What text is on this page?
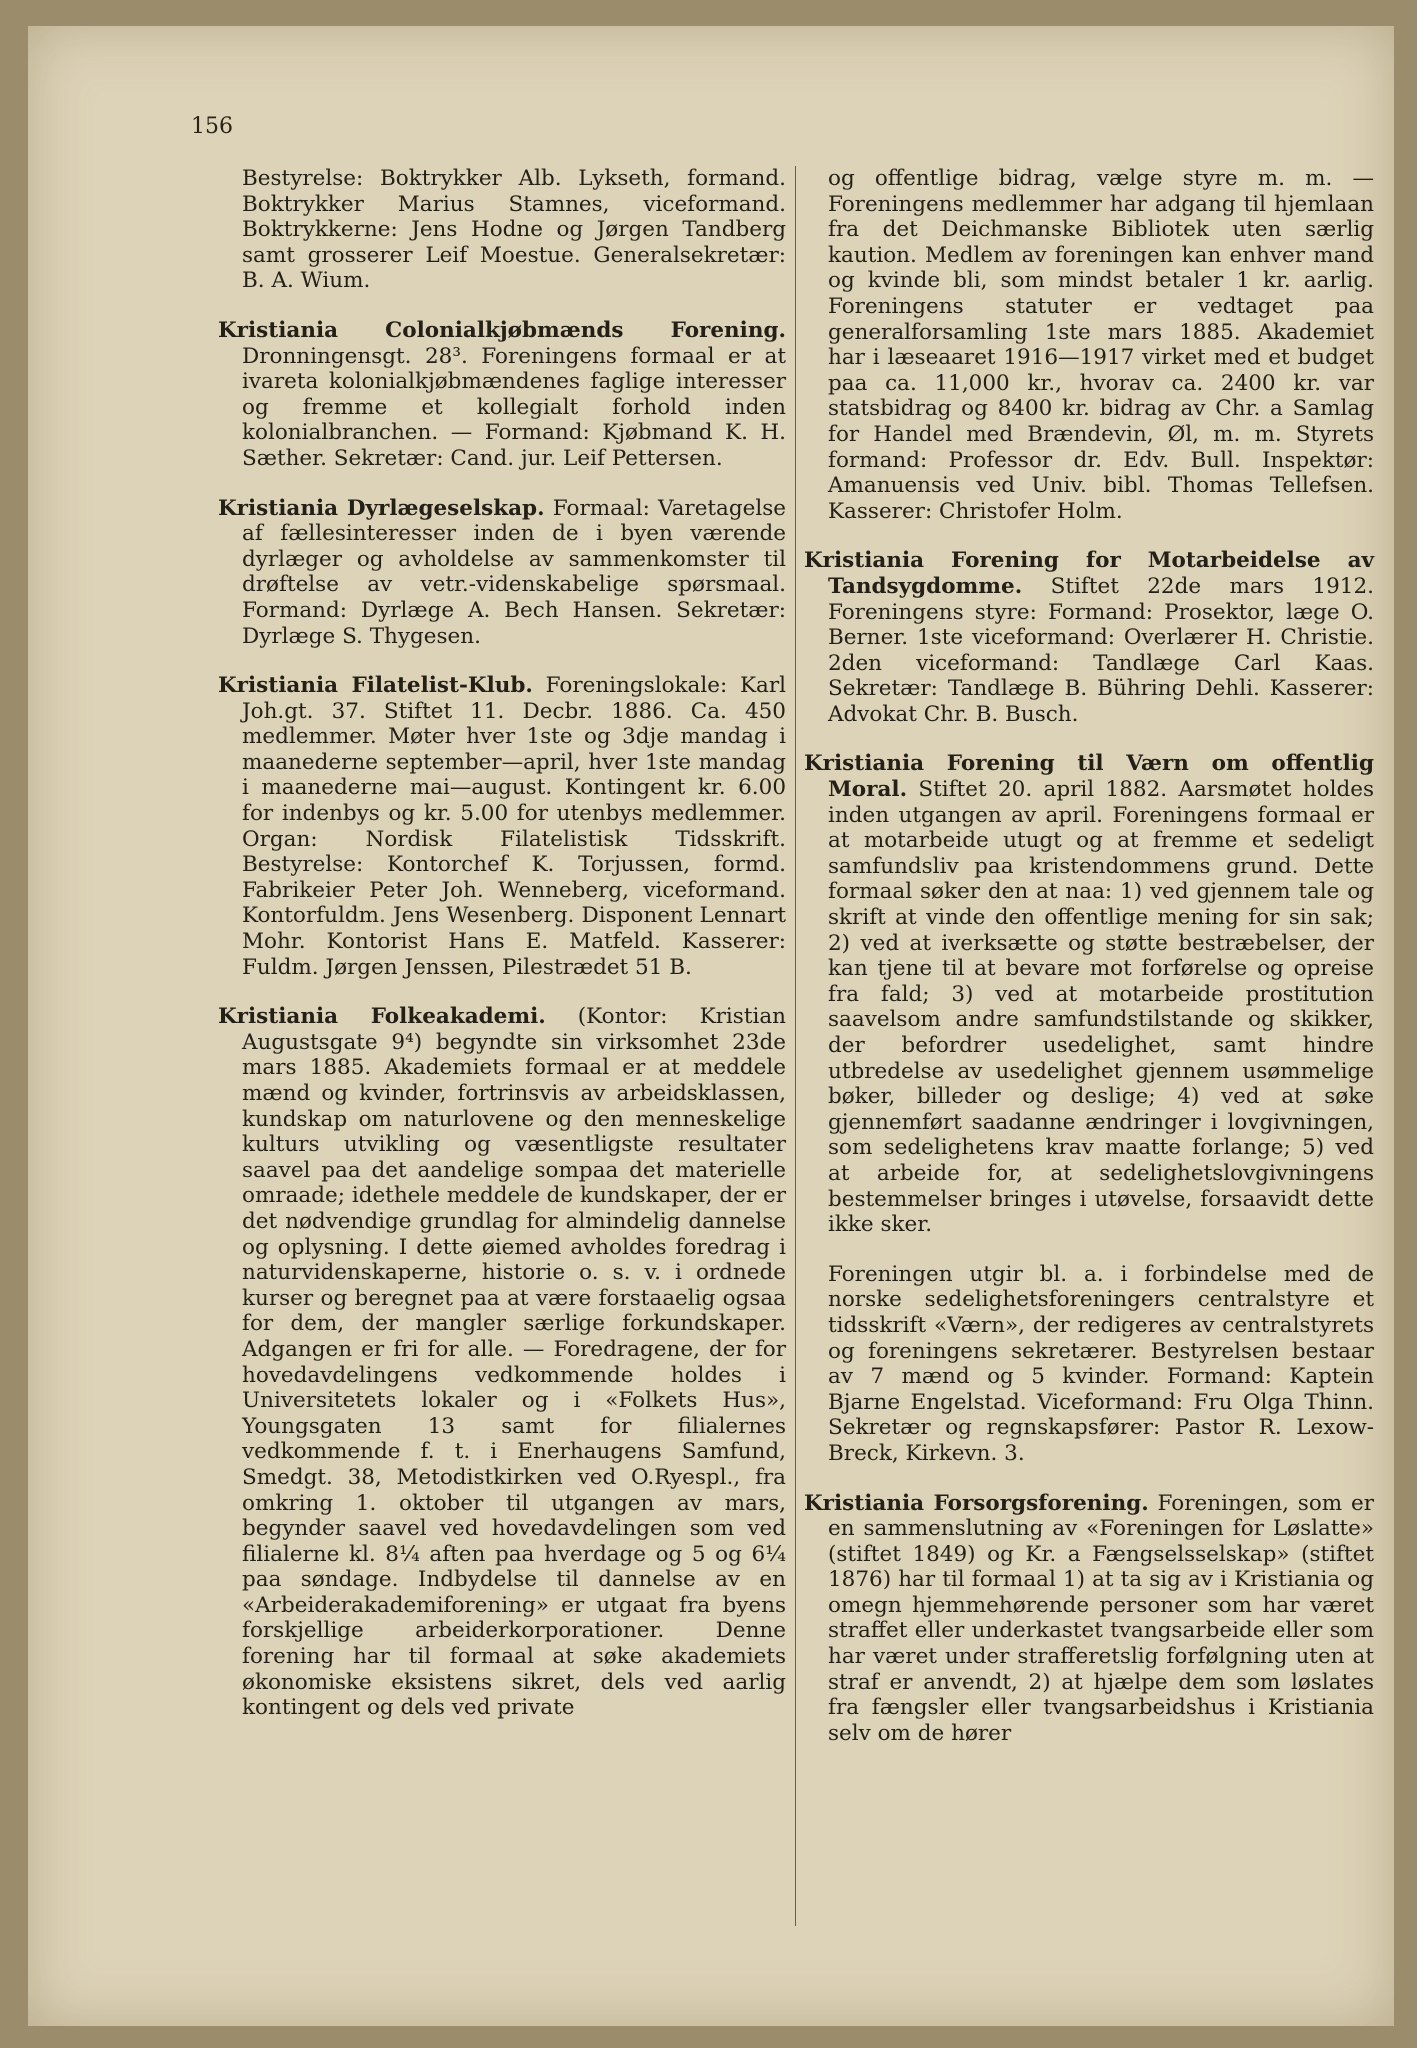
156

Bestyrelse: Boktrykker Alb. Lykseth, formand. Boktrykker Marius Stamnes, viceformand. Boktrykkerne: Jens Hodne og Jørgen Tandberg samt grosserer Leif Moestue. Generalsekretær: B. A. Wium.

Kristiania Colonialkjøbmænds Forening. Dronningensgt. 28³. Foreningens formaal er at ivareta kolonialkjøbmændenes faglige interesser og fremme et kollegialt forhold inden kolonialbranchen. — Formand: Kjøbmand K. H. Sæther. Sekretær: Cand. jur. Leif Pettersen.

Kristiania Dyrlægeselskap. Formaal: Varetagelse af fællesinteresser inden de i byen værende dyrlæger og avholdelse av sammenkomster til drøftelse av vetr.-videnskabelige spørsmaal. Formand: Dyrlæge A. Bech Hansen. Sekretær: Dyrlæge S. Thygesen.

Kristiania Filatelist-Klub. Foreningslokale: Karl Joh.gt. 37. Stiftet 11. Decbr. 1886. Ca. 450 medlemmer. Møter hver 1ste og 3dje mandag i maanederne september—april, hver 1ste mandag i maanederne mai—august. Kontingent kr. 6.00 for indenbys og kr. 5.00 for utenbys medlemmer. Organ: Nordisk Filatelistisk Tidsskrift. Bestyrelse: Kontorchef K. Torjussen, formd. Fabrikeier Peter Joh. Wenneberg, viceformand. Kontorfuldm. Jens Wesenberg. Disponent Lennart Mohr. Kontorist Hans E. Matfeld. Kasserer: Fuldm. Jørgen Jenssen, Pilestrædet 51 B.

Kristiania Folkeakademi. (Kontor: Kristian Augustsgate 9⁴) begyndte sin virksomhet 23de mars 1885. Akademiets formaal er at meddele mænd og kvinder, fortrinsvis av arbeidsklassen, kundskap om naturlovene og den menneskelige kulturs utvikling og væsentligste resultater saavel paa det aandelige sompaa det materielle omraade; idethele meddele de kundskaper, der er det nødvendige grundlag for almindelig dannelse og oplysning. I dette øiemed avholdes foredrag i naturvidenskaperne, historie o. s. v. i ordnede kurser og beregnet paa at være forstaaelig ogsaa for dem, der mangler særlige forkundskaper. Adgangen er fri for alle. — Foredragene, der for hovedavdelingens vedkommende holdes i Universitetets lokaler og i «Folkets Hus», Youngsgaten 13 samt for filialernes vedkommende f. t. i Enerhaugens Samfund, Smedgt. 38, Metodistkirken ved O.Ryespl., fra omkring 1. oktober til utgangen av mars, begynder saavel ved hovedavdelingen som ved filialerne kl. 8¼ aften paa hverdage og 5 og 6¼ paa søndage. Indbydelse til dannelse av en «Arbeiderakademiforening» er utgaat fra byens forskjellige arbeiderkorporationer. Denne forening har til formaal at søke akademiets økonomiske eksistens sikret, dels ved aarlig kontingent og dels ved private

og offentlige bidrag, vælge styre m. m. — Foreningens medlemmer har adgang til hjemlaan fra det Deichmanske Bibliotek uten særlig kaution. Medlem av foreningen kan enhver mand og kvinde bli, som mindst betaler 1 kr. aarlig. Foreningens statuter er vedtaget paa generalforsamling 1ste mars 1885. Akademiet har i læseaaret 1916—1917 virket med et budget paa ca. 11,000 kr., hvorav ca. 2400 kr. var statsbidrag og 8400 kr. bidrag av Chr. a Samlag for Handel med Brændevin, Øl, m. m. Styrets formand: Professor dr. Edv. Bull. Inspektør: Amanuensis ved Univ. bibl. Thomas Tellefsen. Kasserer: Christofer Holm.

Kristiania Forening for Motarbeidelse av Tandsygdomme. Stiftet 22de mars 1912. Foreningens styre: Formand: Prosektor, læge O. Berner. 1ste viceformand: Overlærer H. Christie. 2den viceformand: Tandlæge Carl Kaas. Sekretær: Tandlæge B. Bühring Dehli. Kasserer: Advokat Chr. B. Busch.

Kristiania Forening til Værn om offentlig Moral. Stiftet 20. april 1882. Aarsmøtet holdes inden utgangen av april. Foreningens formaal er at motarbeide utugt og at fremme et sedeligt samfundsliv paa kristendommens grund. Dette formaal søker den at naa: 1) ved gjennem tale og skrift at vinde den offentlige mening for sin sak; 2) ved at iverksætte og støtte bestræbelser, der kan tjene til at bevare mot forførelse og opreise fra fald; 3) ved at motarbeide prostitution saavelsom andre samfundstilstande og skikker, der befordrer usedelighet, samt hindre utbredelse av usedelighet gjennem usømmelige bøker, billeder og deslige; 4) ved at søke gjennemført saadanne ændringer i lovgivningen, som sedelighetens krav maatte forlange; 5) ved at arbeide for, at sedelighetslovgivningens bestemmelser bringes i utøvelse, forsaavidt dette ikke sker.

Foreningen utgir bl. a. i forbindelse med de norske sedelighetsforeningers centralstyre et tidsskrift «Værn», der redigeres av centralstyrets og foreningens sekretærer. Bestyrelsen bestaar av 7 mænd og 5 kvinder. Formand: Kaptein Bjarne Engelstad. Viceformand: Fru Olga Thinn. Sekretær og regnskapsfører: Pastor R. Lexow-Breck, Kirkevn. 3.

Kristiania Forsorgsforening. Foreningen, som er en sammenslutning av «Foreningen for Løslatte» (stiftet 1849) og Kr. a Fængselsselskap» (stiftet 1876) har til formaal 1) at ta sig av i Kristiania og omegn hjemmehørende personer som har været straffet eller underkastet tvangsarbeide eller som har været under strafferetslig forfølgning uten at straf er anvendt, 2) at hjælpe dem som løslates fra fængsler eller tvangsarbeidshus i Kristiania selv om de hører
